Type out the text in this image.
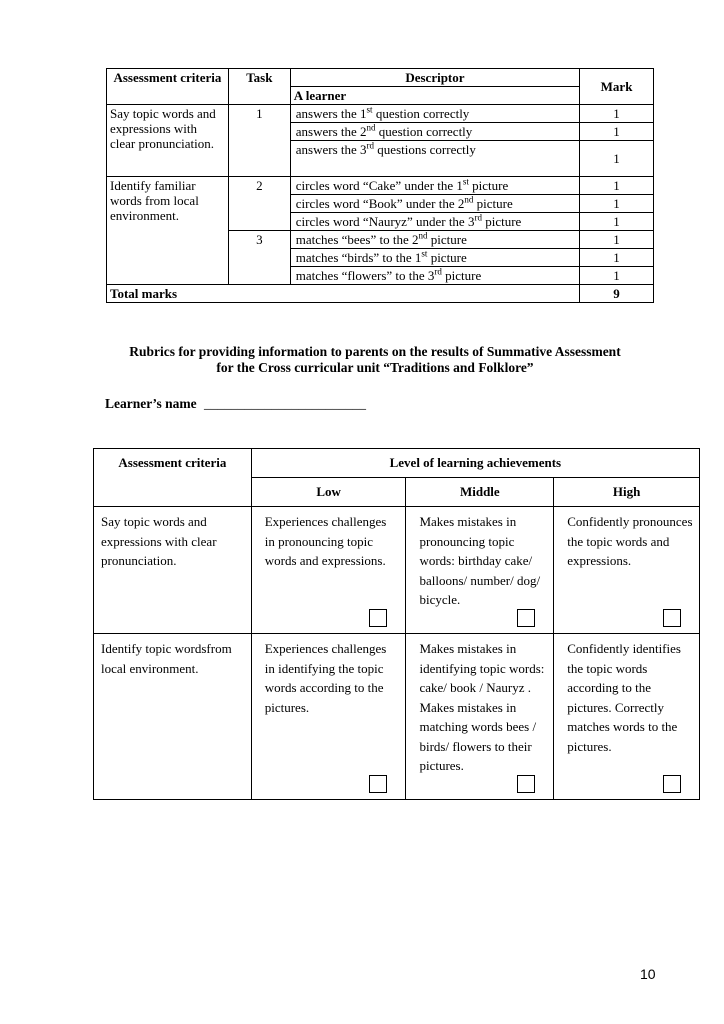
Assessment criteria	Task	Descriptor	Mark
		A learner	
Say topic words and expressions with clear pronunciation.	1	answers the 1st question correctly	1
		answers the 2nd question correctly	1
		answers the 3rd questions correctly	1
Identify familiar words from local environment.	2	circles word “Cake” under the 1st picture	1
		circles word “Book” under the 2nd picture	1
		circles word “Nauryz” under the 3rd picture	1
	3	matches “bees” to the 2nd picture	1
		matches “birds” to the 1st picture	1
		matches “flowers” to the 3rd picture	1
Total marks			9
Rubrics for providing information to parents on the results of Summative Assessment
for the Cross curricular unit “Traditions and Folklore”
Learner’s name ________________________
Assessment criteria	Level of learning achievements		
	Low	Middle	High

Say topic words and expressions with clear pronunciation.	Experiences challenges in pronouncing topic words and expressions.	Makes mistakes in pronouncing topic words: birthday cake/ balloons/ number/ dog/ bicycle.	Confidently pronounces the topic words and expressions.

Identify topic wordsfrom local environment.	Experiences challenges in identifying the topic words according to the pictures.	Makes mistakes in identifying topic words: cake/ book / Nauryz . Makes mistakes in matching words bees / birds/ flowers to their pictures.	Confidently identifies the topic words according to the pictures. Correctly matches words to the pictures.
10
